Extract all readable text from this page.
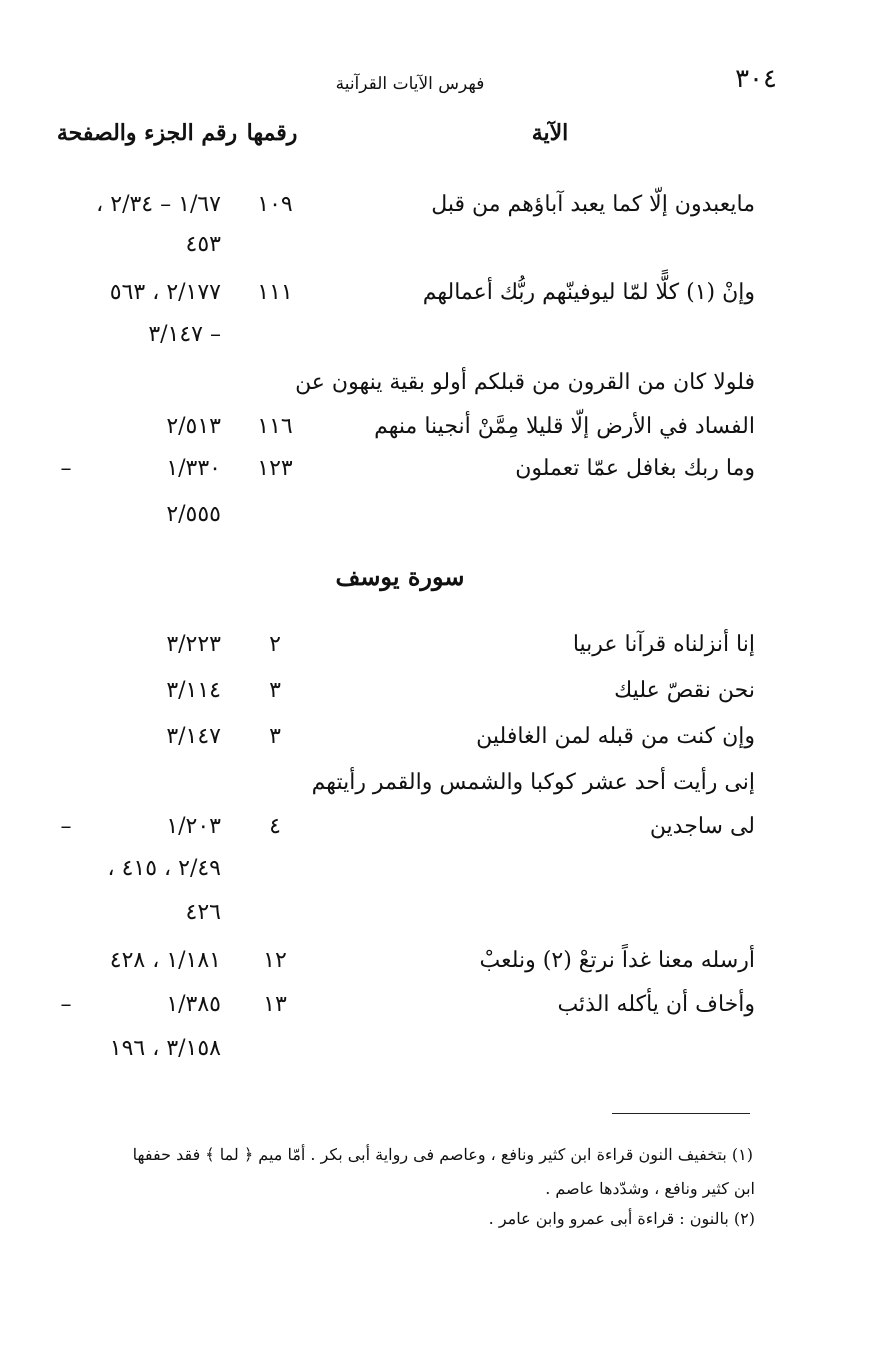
٣٠٤
فهرس الآيات القرآنية
الآية
رقمها
رقم الجزء والصفحة
مايعبدون إلّا كما يعبد آباؤهم من قبل
١٠٩
١/٦٧ – ٢/٣٤ ،
٤٥٣
وإنْ (١) كلًّا لمّا ليوفينّهم ربُّك أعمالهم
١١١
٢/١٧٧ ، ٥٦٣
– ٣/١٤٧
فلولا كان من القرون من قبلكم أولو بقية ينهون عن
الفساد في الأرض إلّا قليلا مِمَّنْ أنجينا منهم
١١٦
٢/٥١٣
وما ربك بغافل عمّا تعملون
١٢٣
١/٣٣٠
–
٢/٥٥٥
سورة يوسف
إنا أنزلناه قرآنا عربيا
٢
٣/٢٢٣
نحن نقصّ عليك
٣
٣/١١٤
وإن كنت من قبله لمن الغافلين
٣
٣/١٤٧
إنى رأيت أحد عشر كوكبا والشمس والقمر رأيتهم
لى ساجدين
٤
١/٢٠٣
–
٢/٤٩ ، ٤١٥ ،
٤٢٦
أرسله معنا غداً نرتعْ (٢) ونلعبْ
١٢
١/١٨١ ، ٤٢٨
وأخاف أن يأكله الذئب
١٣
١/٣٨٥
–
٣/١٥٨ ، ١٩٦
(١) بتخفيف النون قراءة ابن كثير ونافع ، وعاصم فى رواية أبى بكر . أمّا ميم ﴿ لما ﴾ فقد حففها
ابن كثير ونافع ، وشدّدها عاصم .
(٢) بالنون : قراءة أبى عمرو وابن عامر .
